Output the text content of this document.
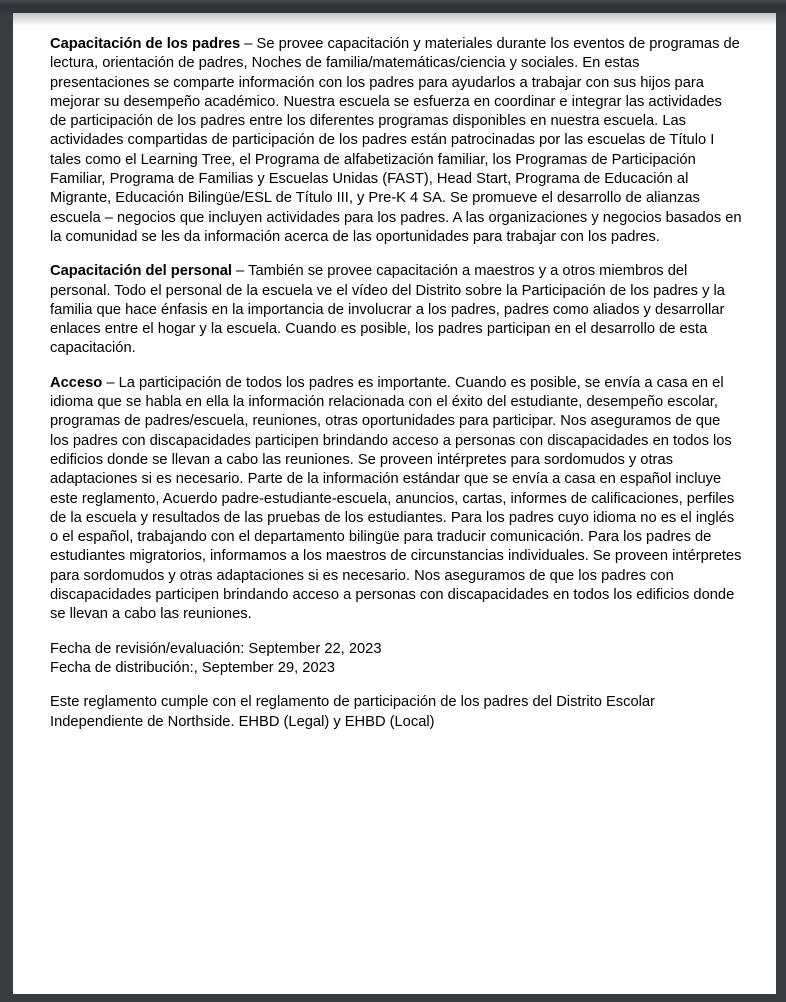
Capacitación de los padres – Se provee capacitación y materiales durante los eventos de programas de lectura, orientación de padres, Noches de familia/matemáticas/ciencia y sociales. En estas presentaciones se comparte información con los padres para ayudarlos a trabajar con sus hijos para mejorar su desempeño académico. Nuestra escuela se esfuerza en coordinar e integrar las actividades de participación de los padres entre los diferentes programas disponibles en nuestra escuela. Las actividades compartidas de participación de los padres están patrocinadas por las escuelas de Título I tales como el Learning Tree, el Programa de alfabetización familiar, los Programas de Participación Familiar, Programa de Familias y Escuelas Unidas (FAST), Head Start, Programa de Educación al Migrante, Educación Bilingüe/ESL de Título III, y Pre-K 4 SA. Se promueve el desarrollo de alianzas escuela – negocios que incluyen actividades para los padres. A las organizaciones y negocios basados en la comunidad se les da información acerca de las oportunidades para trabajar con los padres.

Capacitación del personal – También se provee capacitación a maestros y a otros miembros del personal. Todo el personal de la escuela ve el vídeo del Distrito sobre la Participación de los padres y la familia que hace énfasis en la importancia de involucrar a los padres, padres como aliados y desarrollar enlaces entre el hogar y la escuela. Cuando es posible, los padres participan en el desarrollo de esta capacitación.

Acceso – La participación de todos los padres es importante. Cuando es posible, se envía a casa en el idioma que se habla en ella la información relacionada con el éxito del estudiante, desempeño escolar, programas de padres/escuela, reuniones, otras oportunidades para participar. Nos aseguramos de que los padres con discapacidades participen brindando acceso a personas con discapacidades en todos los edificios donde se llevan a cabo las reuniones. Se proveen intérpretes para sordomudos y otras adaptaciones si es necesario. Parte de la información estándar que se envía a casa en español incluye este reglamento, Acuerdo padre-estudiante-escuela, anuncios, cartas, informes de calificaciones, perfiles de la escuela y resultados de las pruebas de los estudiantes. Para los padres cuyo idioma no es el inglés o el español, trabajando con el departamento bilingüe para traducir comunicación. Para los padres de estudiantes migratorios, informamos a los maestros de circunstancias individuales. Se proveen intérpretes para sordomudos y otras adaptaciones si es necesario. Nos aseguramos de que los padres con discapacidades participen brindando acceso a personas con discapacidades en todos los edificios donde se llevan a cabo las reuniones.

Fecha de revisión/evaluación: September 22, 2023

Fecha de distribución:, September 29, 2023

Este reglamento cumple con el reglamento de participación de los padres del Distrito Escolar Independiente de Northside. EHBD (Legal) y EHBD (Local)
